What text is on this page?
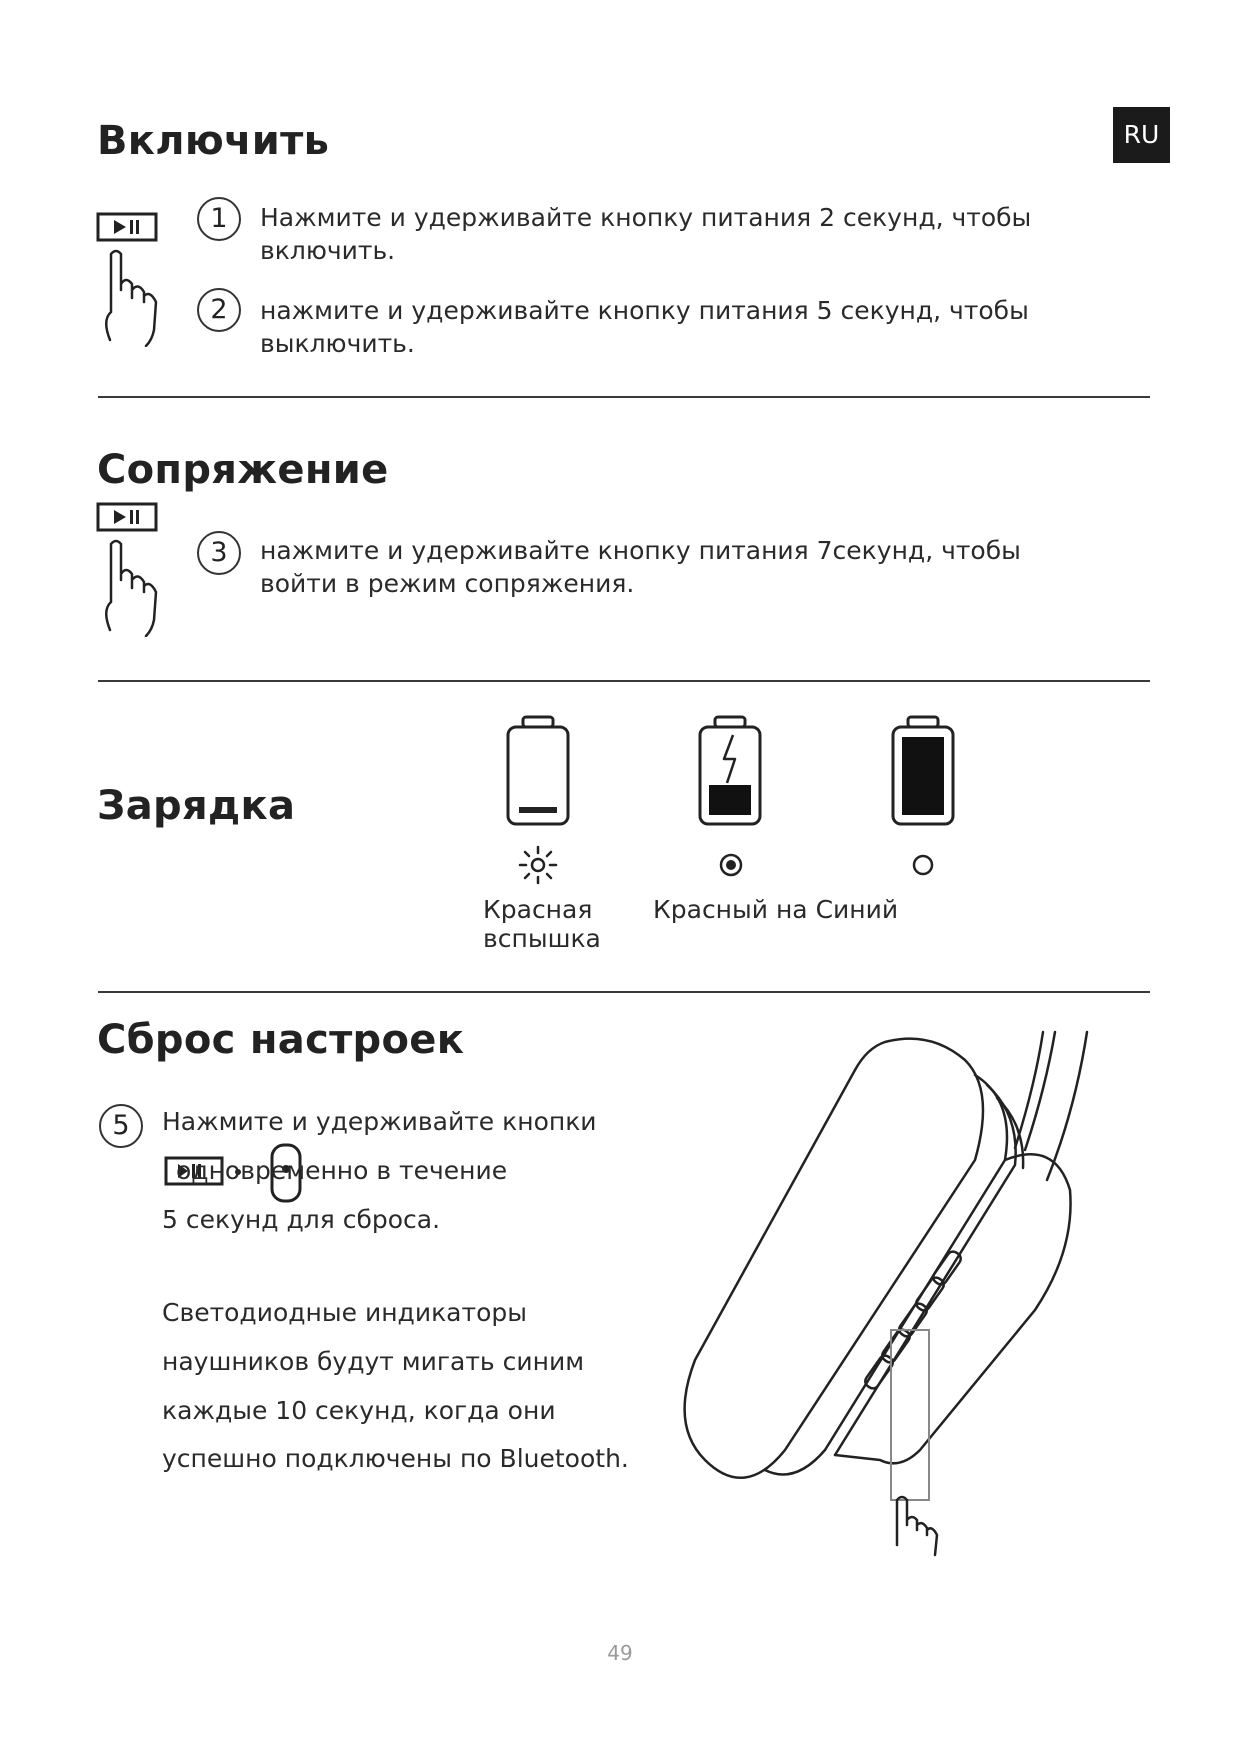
RU
Включить
1	Нажмите и удерживайте кнопку питания 2 секунд, чтобы включить.
2	нажмите и удерживайте кнопку питания 5 секунд, чтобы
выключить.
Сопряжение
3	нажмите и удерживайте кнопку питания 7секунд, чтобы
войти в режим сопряжения.
Зарядка
Красная
вспышка
Красный на Синий
Сброс настроек
5	Нажмите и удерживайте кнопки
одновременно в течение
5 секунд для сброса.
Светодиодные индикаторы
наушников будут мигать синим
каждые 10 секунд, когда они
успешно подключены по Bluetooth.
49
